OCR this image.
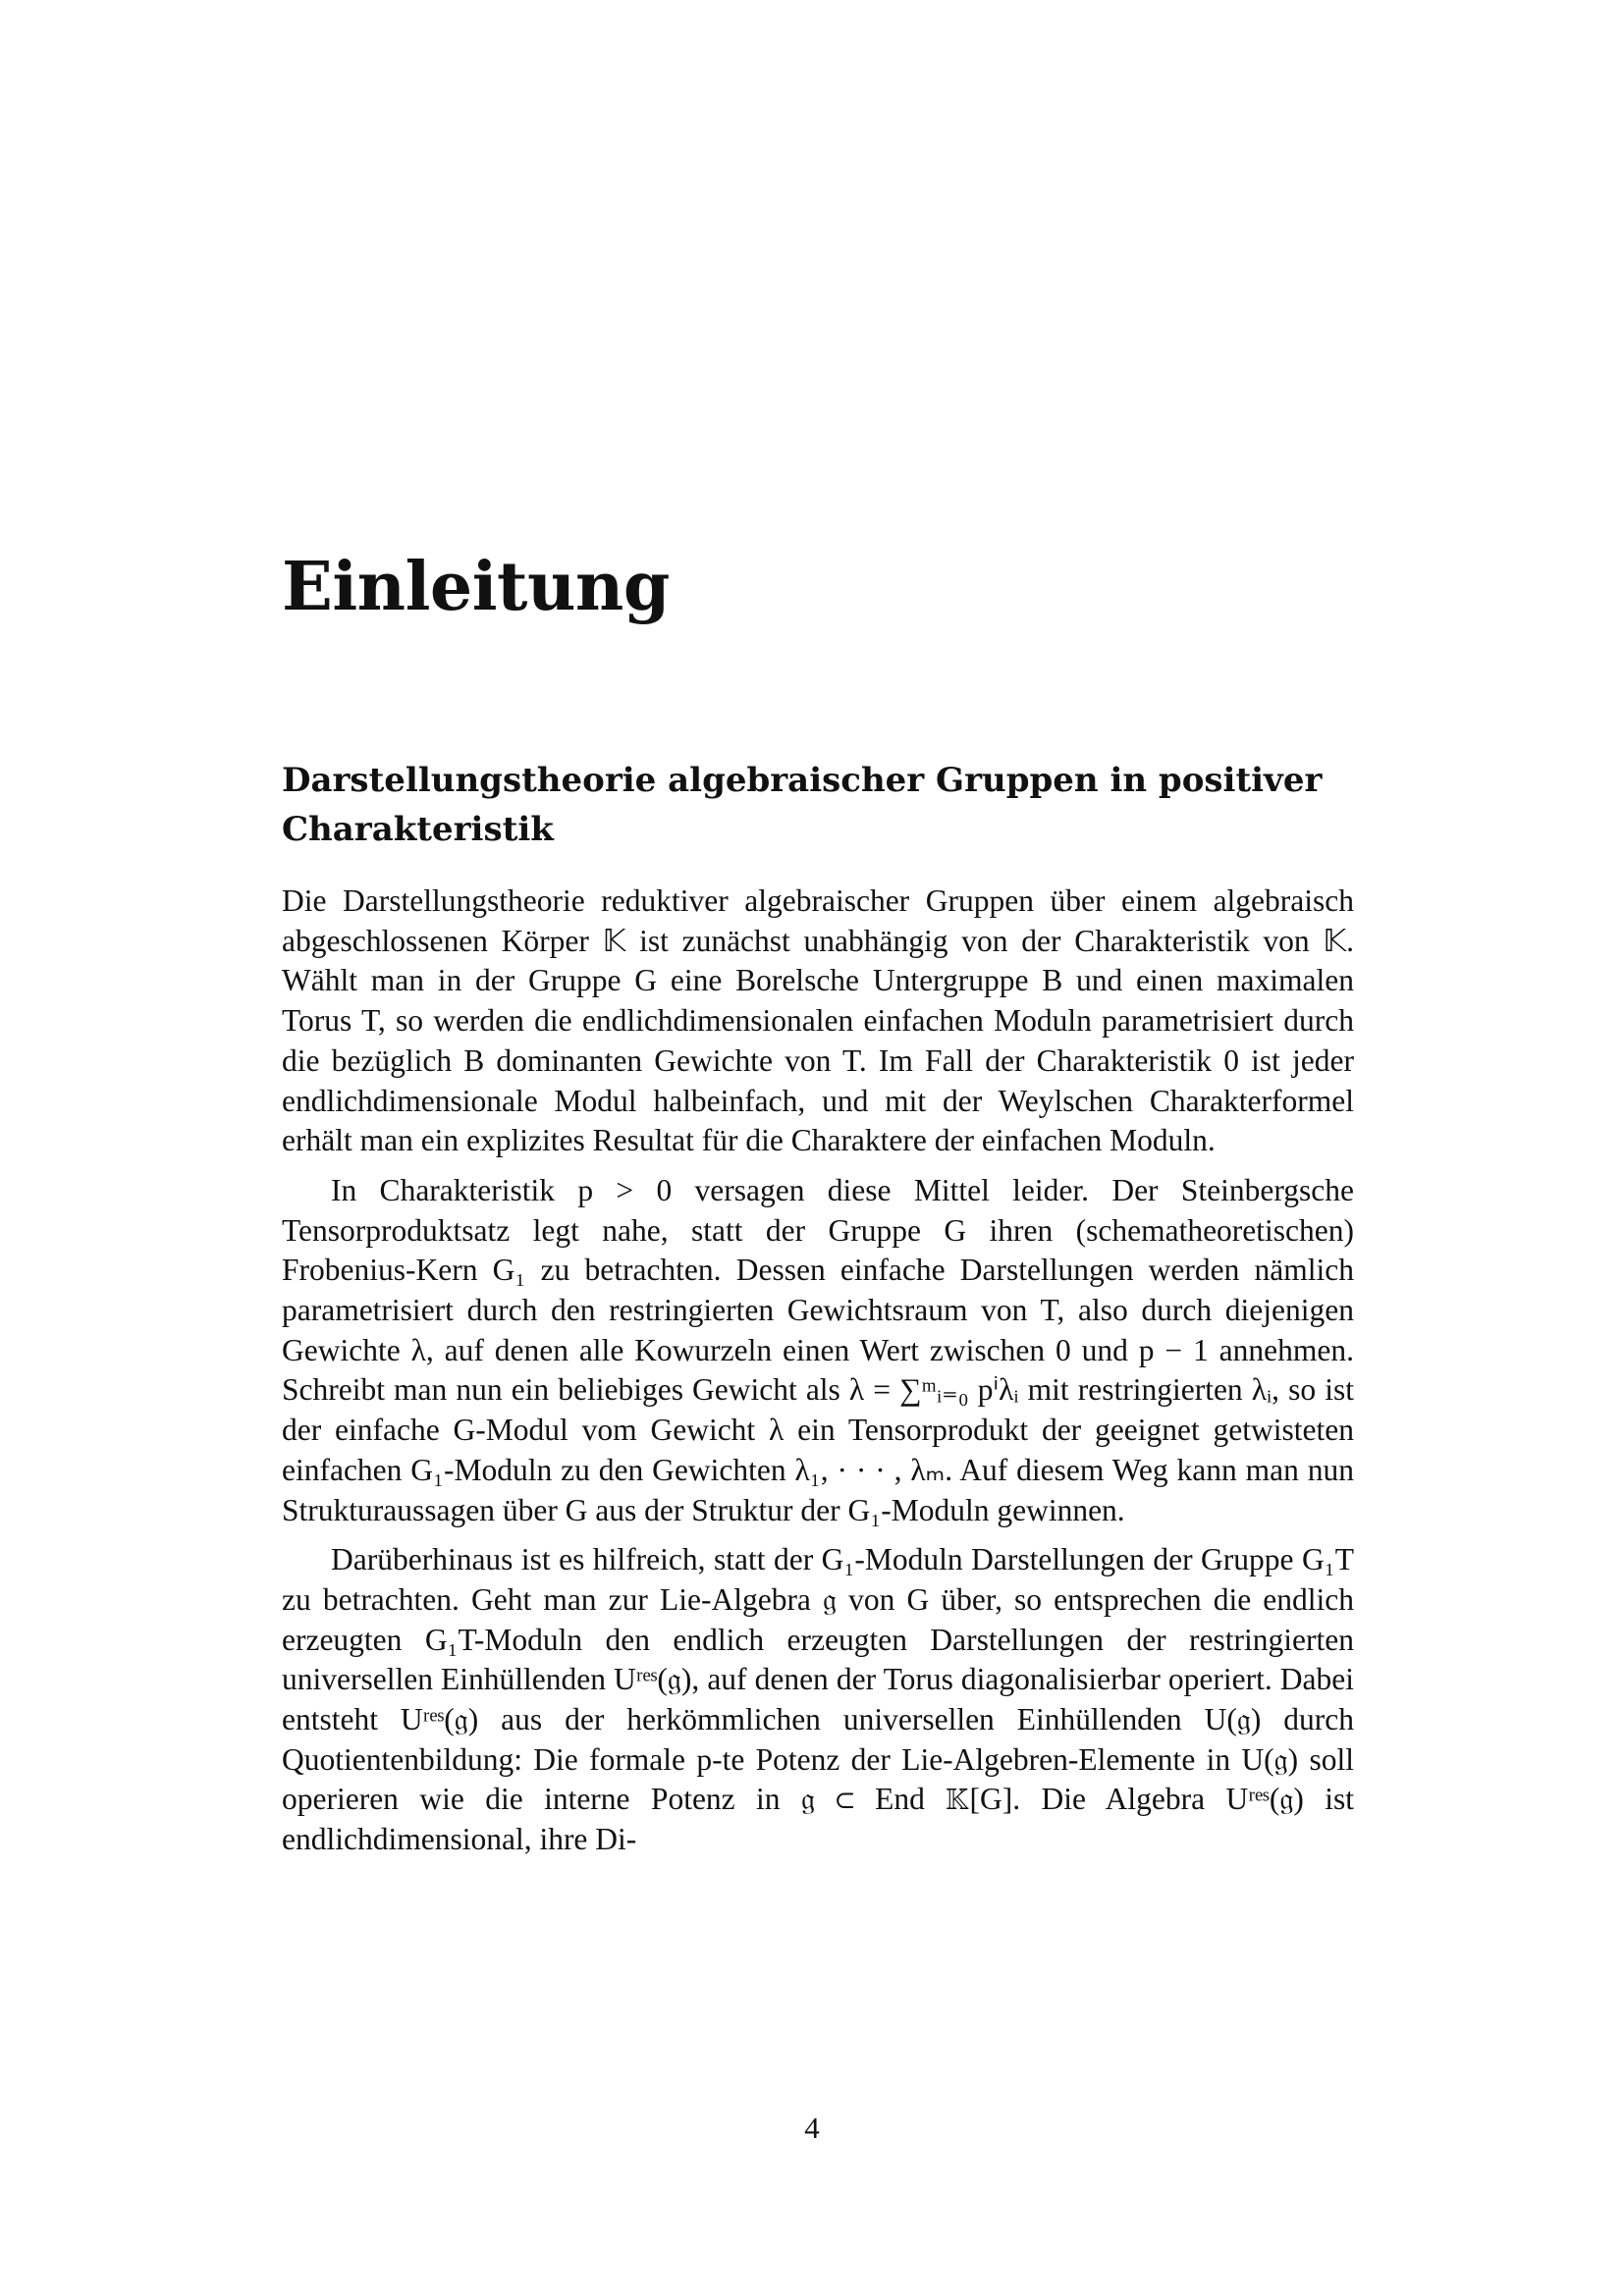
Einleitung
Darstellungstheorie algebraischer Gruppen in positiver Charakteristik

Die Darstellungstheorie reduktiver algebraischer Gruppen über einem algebraisch abgeschlossenen Körper 𝕂 ist zunächst unabhängig von der Charakteristik von 𝕂. Wählt man in der Gruppe G eine Borelsche Untergruppe B und einen maximalen Torus T, so werden die endlichdimensionalen einfachen Moduln parametrisiert durch die bezüglich B dominanten Gewichte von T. Im Fall der Charakteristik 0 ist jeder endlichdimensionale Modul halbeinfach, und mit der Weylschen Charakterformel erhält man ein explizites Resultat für die Charaktere der einfachen Moduln.

In Charakteristik p > 0 versagen diese Mittel leider. Der Steinbergsche Tensorproduktsatz legt nahe, statt der Gruppe G ihren (schematheoretischen) Frobenius-Kern G₁ zu betrachten. Dessen einfache Darstellungen werden nämlich parametrisiert durch den restringierten Gewichtsraum von T, also durch diejenigen Gewichte λ, auf denen alle Kowurzeln einen Wert zwischen 0 und p − 1 annehmen. Schreibt man nun ein beliebiges Gewicht als λ = ∑ᵐᵢ₌₀ pⁱλᵢ mit restringierten λᵢ, so ist der einfache G-Modul vom Gewicht λ ein Tensorprodukt der geeignet getwisteten einfachen G₁-Moduln zu den Gewichten λ₁, · · · , λₘ. Auf diesem Weg kann man nun Strukturaussagen über G aus der Struktur der G₁-Moduln gewinnen.

Darüberhinaus ist es hilfreich, statt der G₁-Moduln Darstellungen der Gruppe G₁T zu betrachten. Geht man zur Lie-Algebra 𝔤 von G über, so entsprechen die endlich erzeugten G₁T-Moduln den endlich erzeugten Darstellungen der restringierten universellen Einhüllenden Uʳᵉˢ(𝔤), auf denen der Torus diagonalisierbar operiert. Dabei entsteht Uʳᵉˢ(𝔤) aus der herkömmlichen universellen Einhüllenden U(𝔤) durch Quotientenbildung: Die formale p-te Potenz der Lie-Algebren-Elemente in U(𝔤) soll operieren wie die interne Potenz in 𝔤 ⊂ End 𝕂[G]. Die Algebra Uʳᵉˢ(𝔤) ist endlichdimensional, ihre Di-

4
